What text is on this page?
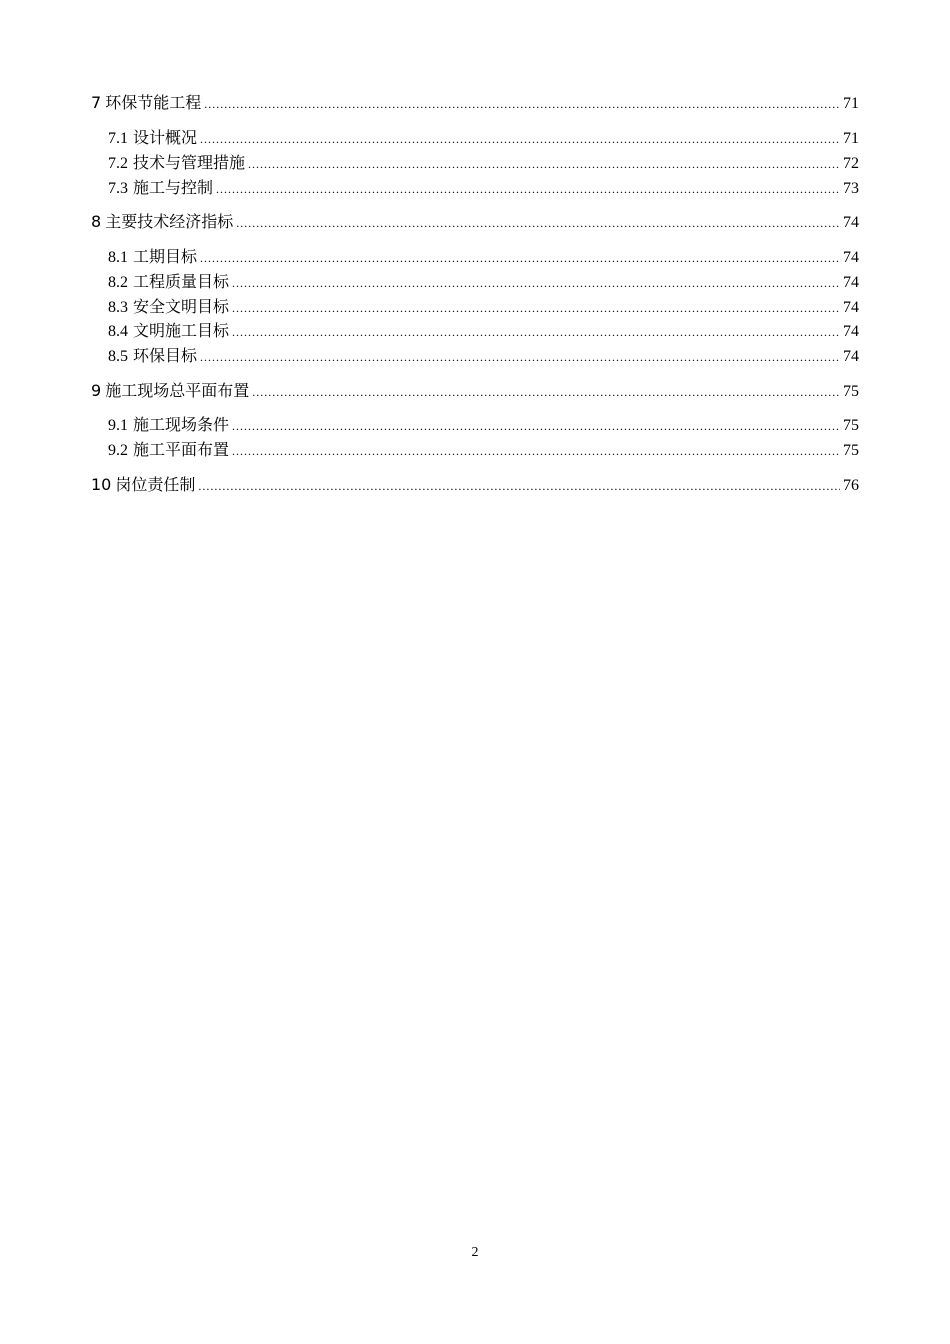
7 环保节能工程 .....	71
7.1 设计概况 .....	71
7.2 技术与管理措施 .....	72
7.3 施工与控制 .....	73
8 主要技术经济指标 .....	74
8.1 工期目标 .....	74
8.2 工程质量目标 .....	74
8.3 安全文明目标 .....	74
8.4 文明施工目标 .....	74
8.5 环保目标 .....	74
9 施工现场总平面布置 .....	75
9.1 施工现场条件 .....	75
9.2 施工平面布置 .....	75
10 岗位责任制 .....	76
2
